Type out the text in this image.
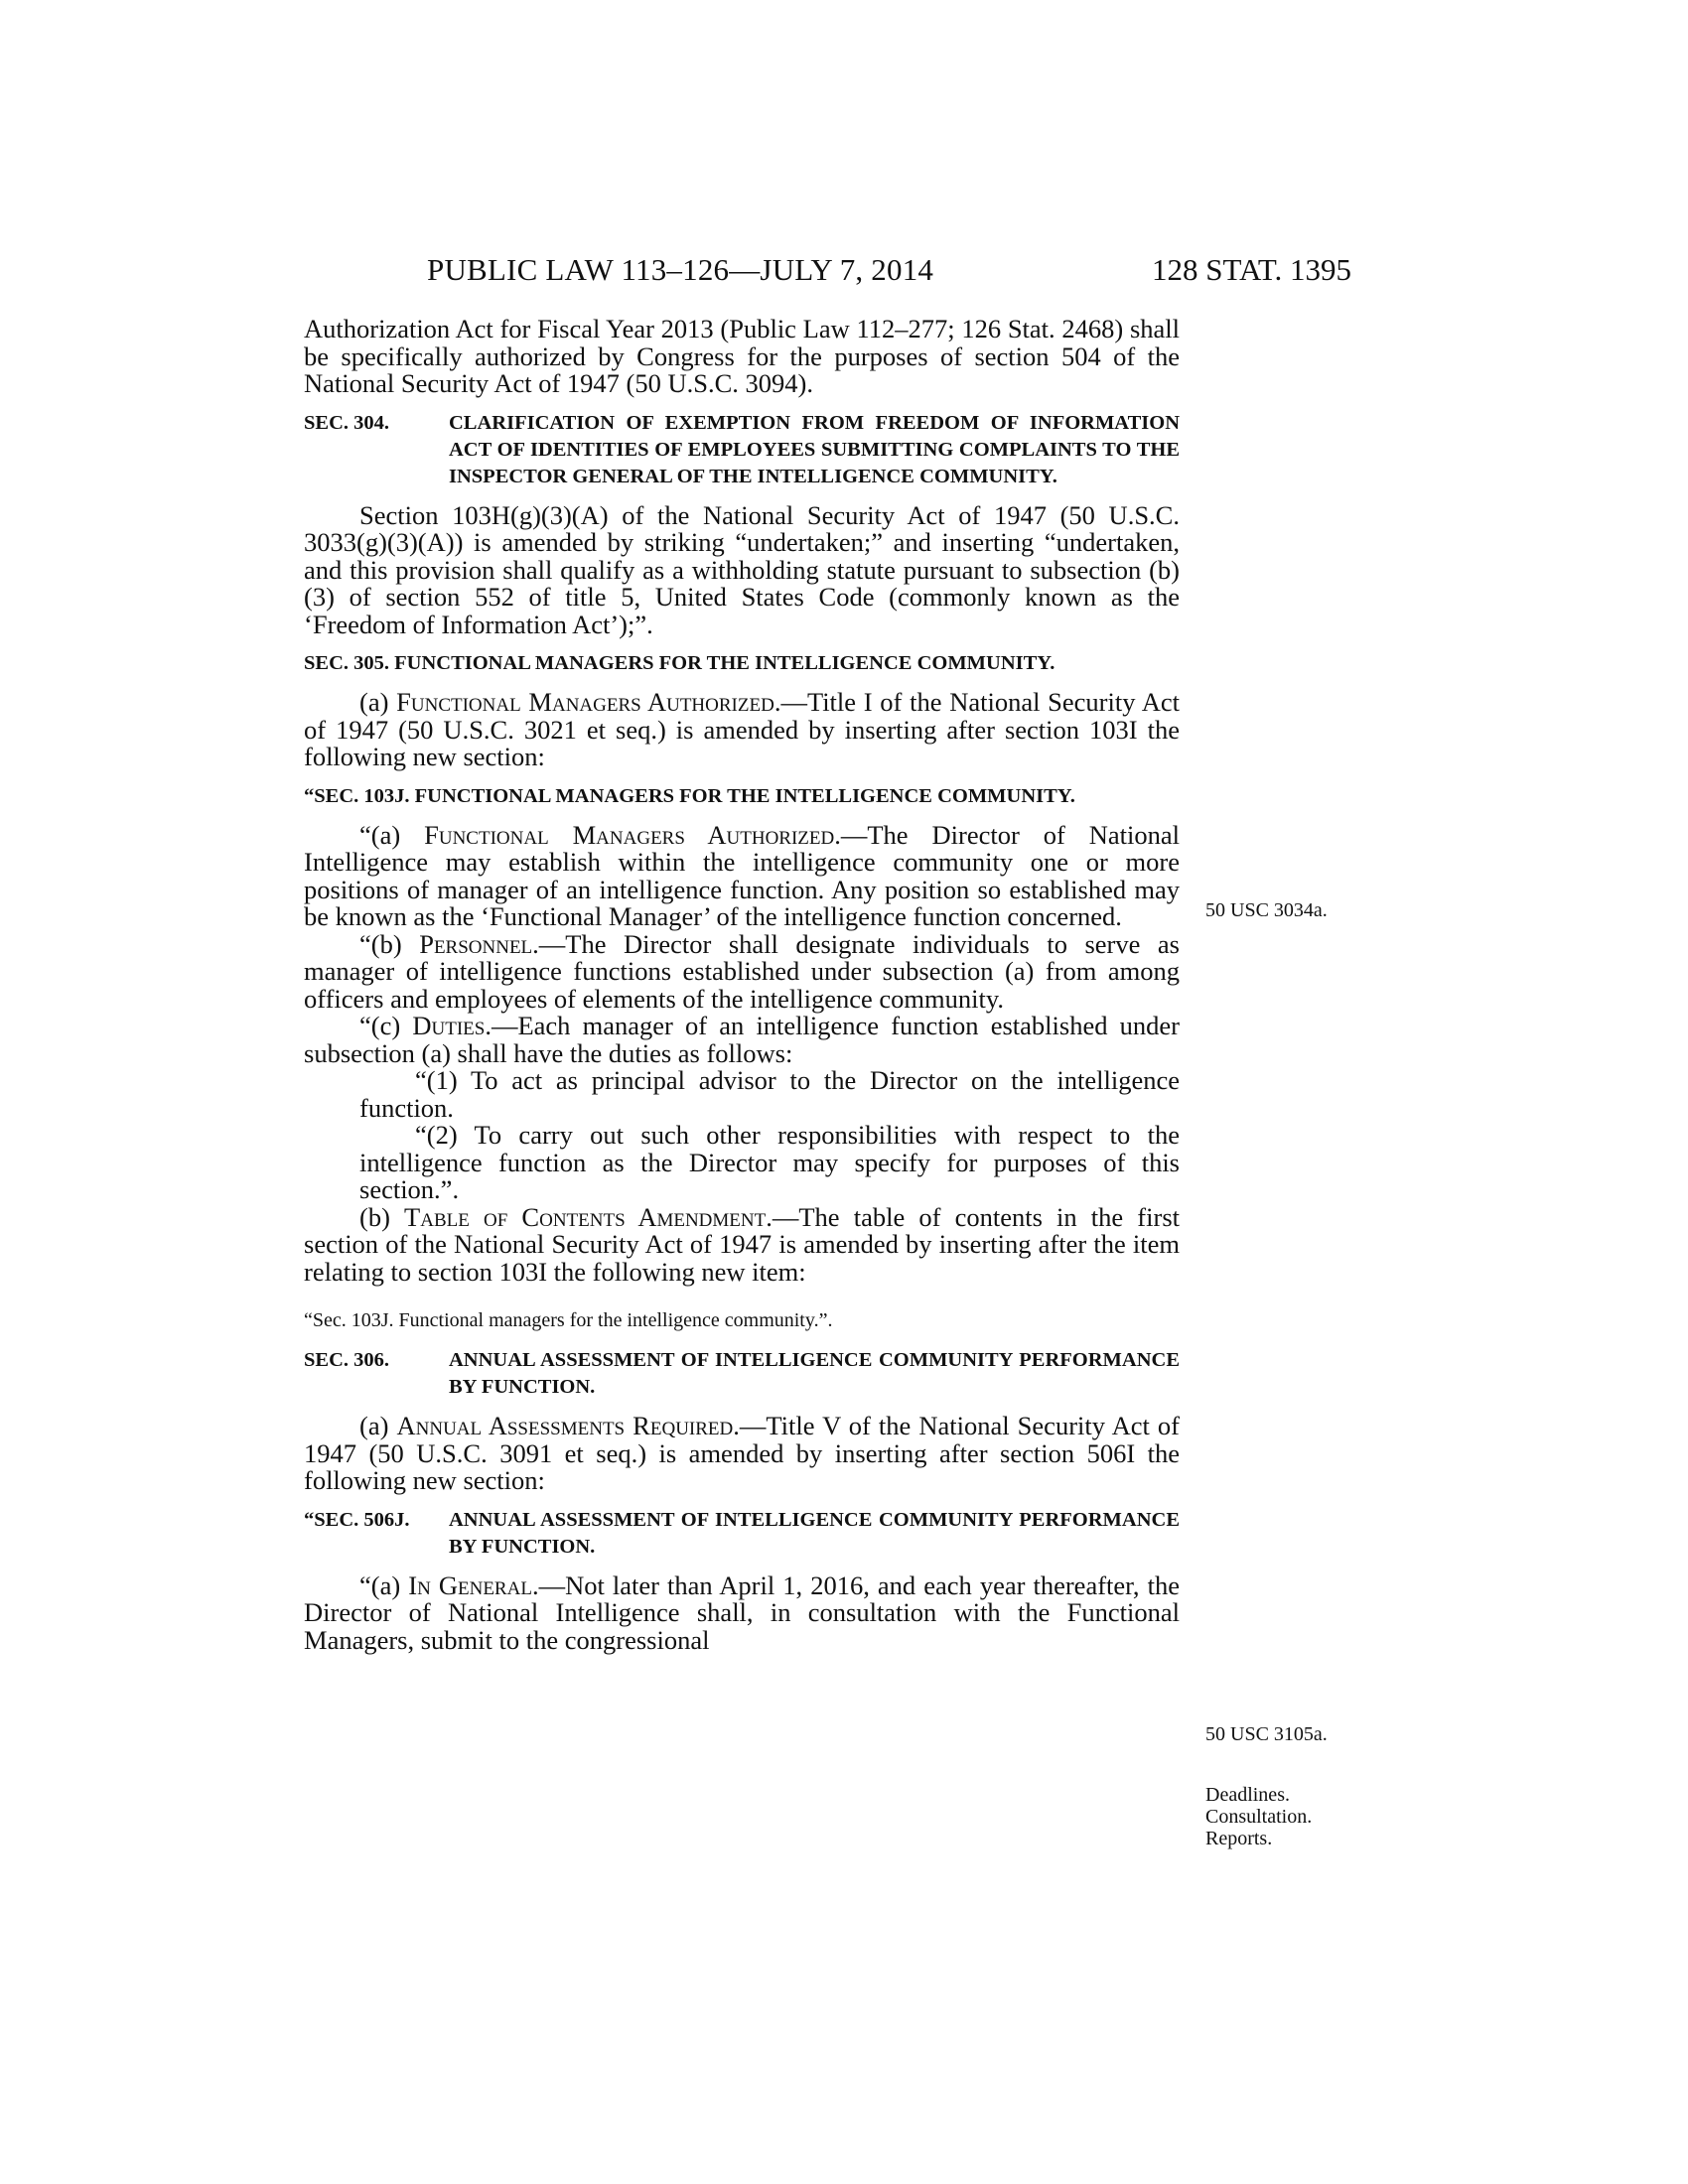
PUBLIC LAW 113–126—JULY 7, 2014	128 STAT. 1395

Authorization Act for Fiscal Year 2013 (Public Law 112–277; 126 Stat. 2468) shall be specifically authorized by Congress for the purposes of section 504 of the National Security Act of 1947 (50 U.S.C. 3094).

SEC. 304.	CLARIFICATION OF EXEMPTION FROM FREEDOM OF INFORMATION ACT OF IDENTITIES OF EMPLOYEES SUBMITTING COMPLAINTS TO THE INSPECTOR GENERAL OF THE INTELLIGENCE COMMUNITY.

Section 103H(g)(3)(A) of the National Security Act of 1947 (50 U.S.C. 3033(g)(3)(A)) is amended by striking “undertaken;” and inserting “undertaken, and this provision shall qualify as a withholding statute pursuant to subsection (b)(3) of section 552 of title 5, United States Code (commonly known as the ‘Freedom of Information Act’);”.

SEC. 305. FUNCTIONAL MANAGERS FOR THE INTELLIGENCE COMMUNITY.

(a) Functional Managers Authorized.—Title I of the National Security Act of 1947 (50 U.S.C. 3021 et seq.) is amended by inserting after section 103I the following new section:

“SEC. 103J. FUNCTIONAL MANAGERS FOR THE INTELLIGENCE COMMUNITY.

“(a) Functional Managers Authorized.—The Director of National Intelligence may establish within the intelligence community one or more positions of manager of an intelligence function. Any position so established may be known as the ‘Functional Manager’ of the intelligence function concerned.

“(b) Personnel.—The Director shall designate individuals to serve as manager of intelligence functions established under subsection (a) from among officers and employees of elements of the intelligence community.

“(c) Duties.—Each manager of an intelligence function established under subsection (a) shall have the duties as follows:

“(1) To act as principal advisor to the Director on the intelligence function.

“(2) To carry out such other responsibilities with respect to the intelligence function as the Director may specify for purposes of this section.”.

(b) Table of Contents Amendment.—The table of contents in the first section of the National Security Act of 1947 is amended by inserting after the item relating to section 103I the following new item:

“Sec. 103J. Functional managers for the intelligence community.”.
SEC. 306.	ANNUAL ASSESSMENT OF INTELLIGENCE COMMUNITY PERFORMANCE BY FUNCTION.

(a) Annual Assessments Required.—Title V of the National Security Act of 1947 (50 U.S.C. 3091 et seq.) is amended by inserting after section 506I the following new section:

“SEC. 506J.	ANNUAL ASSESSMENT OF INTELLIGENCE COMMUNITY PERFORMANCE BY FUNCTION.

“(a) In General.—Not later than April 1, 2016, and each year thereafter, the Director of National Intelligence shall, in consultation with the Functional Managers, submit to the congressional

50 USC 3034a.
50 USC 3105a.
Deadlines.
Consultation.
Reports.
